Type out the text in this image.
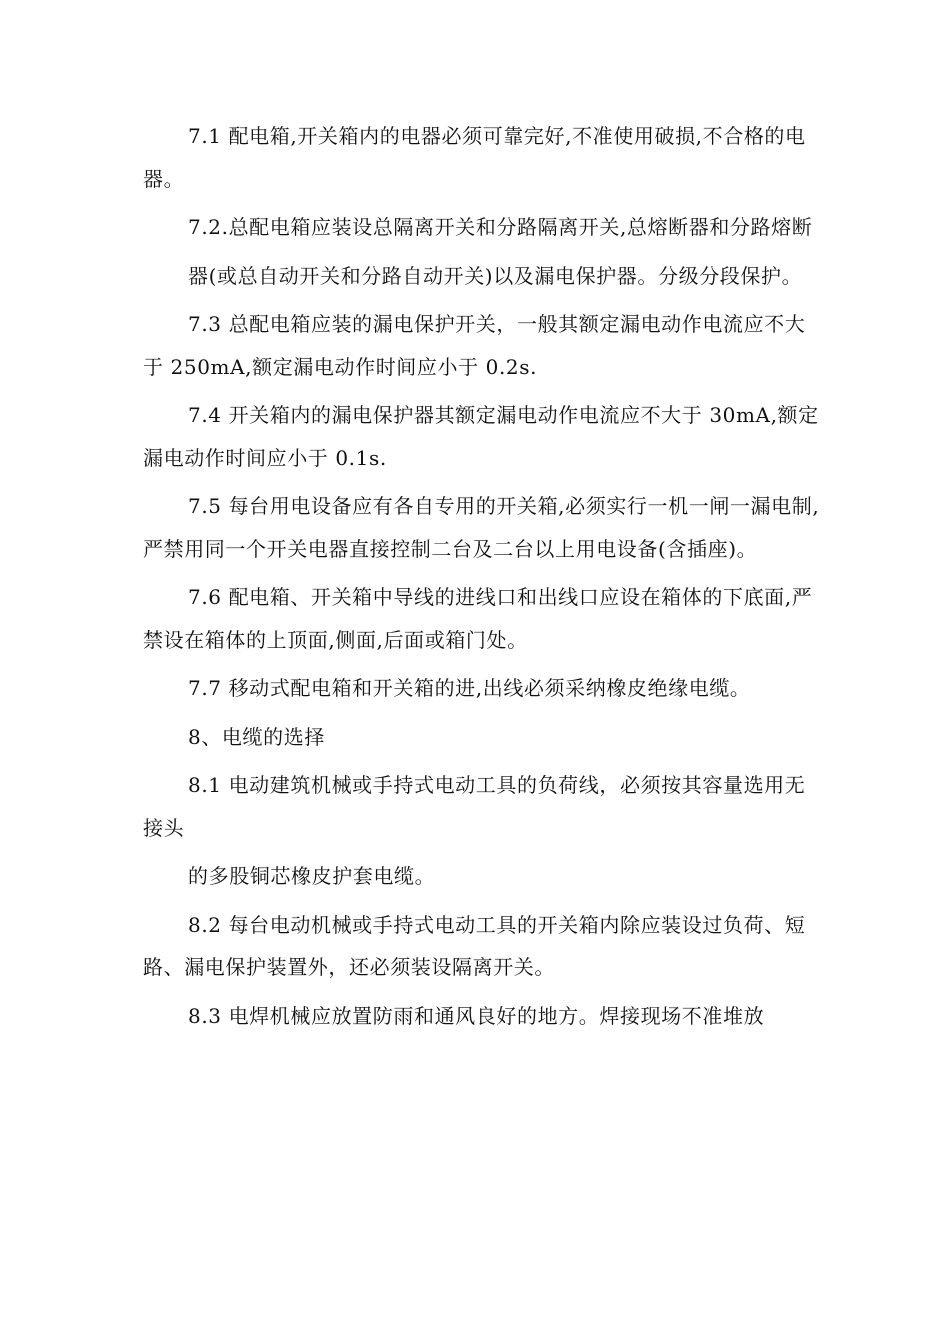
7.1 配电箱,开关箱内的电器必须可靠完好,不准使用破损,不合格的电器。

7.2.总配电箱应装设总隔离开关和分路隔离开关,总熔断器和分路熔断

器(或总自动开关和分路自动开关)以及漏电保护器。分级分段保护。

7.3 总配电箱应装的漏电保护开关，一般其额定漏电动作电流应不大于 250mA,额定漏电动作时间应小于 0.2s.

7.4 开关箱内的漏电保护器其额定漏电动作电流应不大于 30mA,额定漏电动作时间应小于 0.1s.

7.5 每台用电设备应有各自专用的开关箱,必须实行一机一闸一漏电制,严禁用同一个开关电器直接控制二台及二台以上用电设备(含插座)。

7.6 配电箱、开关箱中导线的进线口和出线口应设在箱体的下底面,严禁设在箱体的上顶面,侧面,后面或箱门处。

7.7 移动式配电箱和开关箱的进,出线必须采纳橡皮绝缘电缆。

8、电缆的选择

8.1 电动建筑机械或手持式电动工具的负荷线，必须按其容量选用无接头

的多股铜芯橡皮护套电缆。

8.2 每台电动机械或手持式电动工具的开关箱内除应装设过负荷、短路、漏电保护装置外，还必须装设隔离开关。

8.3 电焊机械应放置防雨和通风良好的地方。焊接现场不准堆放
